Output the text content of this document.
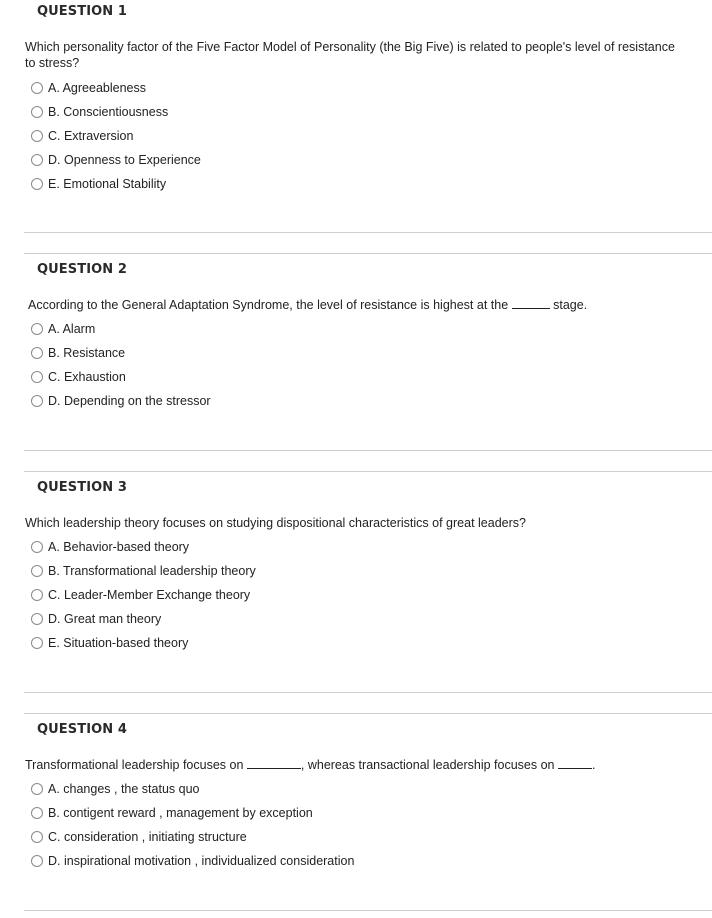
QUESTION 1
Which personality factor of the Five Factor Model of Personality (the Big Five) is related to people's level of resistance to stress?
A. Agreeableness
B. Conscientiousness
C. Extraversion
D. Openness to Experience
E. Emotional Stability
QUESTION 2
According to the General Adaptation Syndrome, the level of resistance is highest at the	stage.
A. Alarm
B. Resistance
C. Exhaustion
D. Depending on the stressor
QUESTION 3
Which leadership theory focuses on studying dispositional characteristics of great leaders?
A. Behavior-based theory
B. Transformational leadership theory
C. Leader-Member Exchange theory
D. Great man theory
E. Situation-based theory
QUESTION 4
Transformational leadership focuses on	, whereas transactional leadership focuses on	.
A. changes , the status quo
B. contigent reward , management by exception
C. consideration , initiating structure
D. inspirational motivation , individualized consideration
